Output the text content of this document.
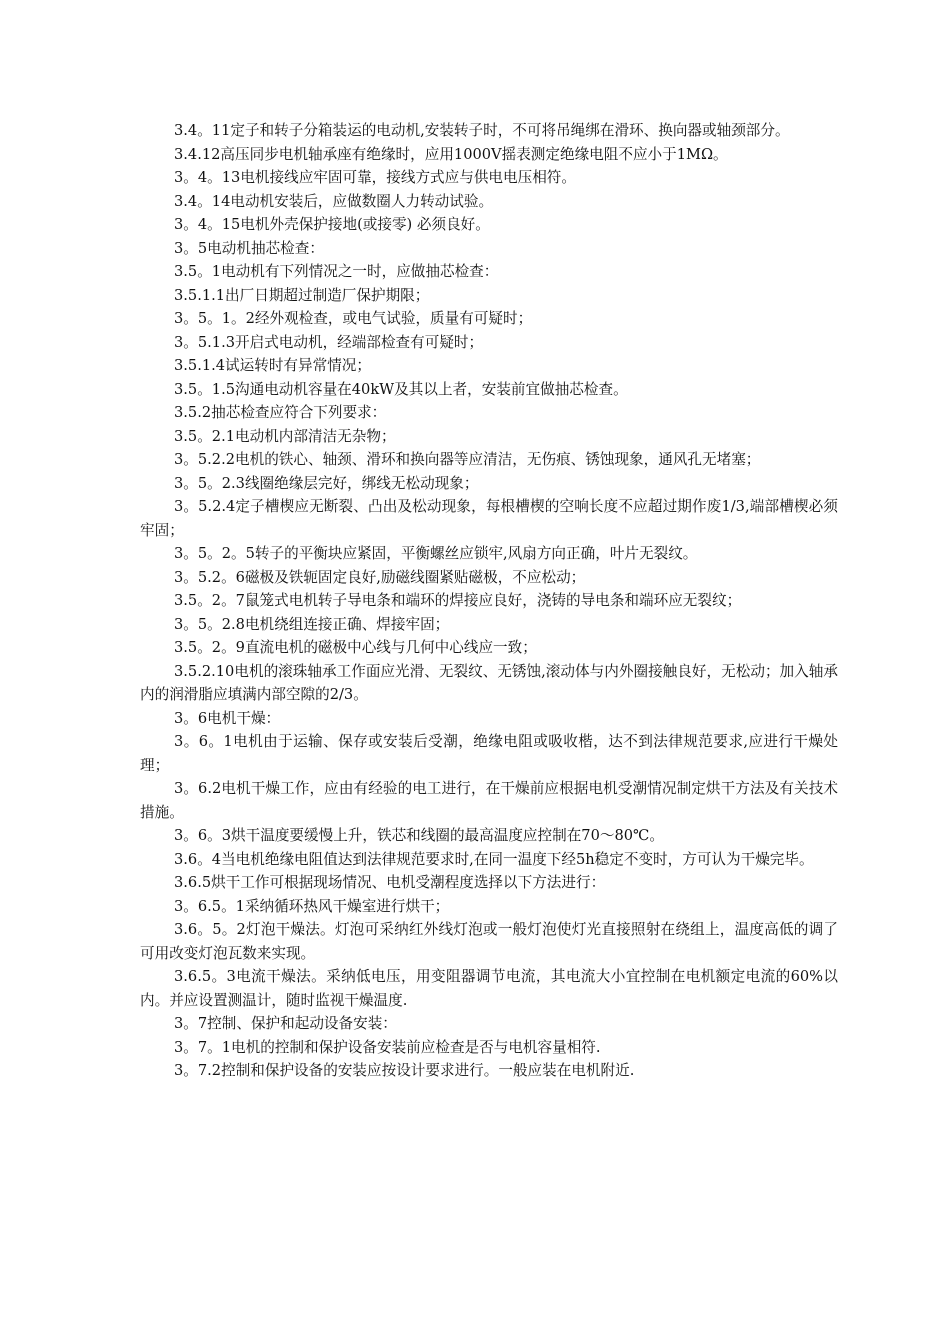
3.4。11定子和转子分箱装运的电动机,安装转子时，不可将吊绳绑在滑环、换向器或轴颈部分。

3.4.12高压同步电机轴承座有绝缘时，应用1000V摇表测定绝缘电阻不应小于1MΩ。

3。4。13电机接线应牢固可靠，接线方式应与供电电压相符。

3.4。14电动机安装后，应做数圈人力转动试验。

3。4。15电机外壳保护接地(或接零) 必须良好。

3。5电动机抽芯检查：

3.5。1电动机有下列情况之一时，应做抽芯检查：

3.5.1.1出厂日期超过制造厂保护期限；

3。5。1。2经外观检查，或电气试验，质量有可疑时；

3。5.1.3开启式电动机，经端部检查有可疑时；

3.5.1.4试运转时有异常情况；

3.5。1.5沟通电动机容量在40kW及其以上者，安装前宜做抽芯检查。

3.5.2抽芯检查应符合下列要求：

3.5。2.1电动机内部清洁无杂物；

3。5.2.2电机的铁心、轴颈、滑环和换向器等应清洁，无伤痕、锈蚀现象，通风孔无堵塞；

3。5。2.3线圈绝缘层完好，绑线无松动现象；

3。5.2.4定子槽楔应无断裂、凸出及松动现象，每根槽楔的空响长度不应超过期作废1/3,端部槽楔必须牢固；

3。5。2。5转子的平衡块应紧固，平衡螺丝应锁牢,风扇方向正确，叶片无裂纹。

3。5.2。6磁极及铁轭固定良好,励磁线圈紧贴磁极，不应松动；

3.5。2。7鼠笼式电机转子导电条和端环的焊接应良好，浇铸的导电条和端环应无裂纹；

3。5。2.8电机绕组连接正确、焊接牢固；

3.5。2。9直流电机的磁极中心线与几何中心线应一致；

3.5.2.10电机的滚珠轴承工作面应光滑、无裂纹、无锈蚀,滚动体与内外圈接触良好，无松动；加入轴承内的润滑脂应填满内部空隙的2/3。

3。6电机干燥：

3。6。1电机由于运输、保存或安装后受潮，绝缘电阻或吸收楷，达不到法律规范要求,应进行干燥处理；

3。6.2电机干燥工作，应由有经验的电工进行，在干燥前应根据电机受潮情况制定烘干方法及有关技术措施。

3。6。3烘干温度要缓慢上升，铁芯和线圈的最高温度应控制在70～80℃。

3.6。4当电机绝缘电阻值达到法律规范要求时,在同一温度下经5h稳定不变时，方可认为干燥完毕。

3.6.5烘干工作可根据现场情况、电机受潮程度选择以下方法进行：

3。6.5。1采纳循环热风干燥室进行烘干；

3.6。5。2灯泡干燥法。灯泡可采纳红外线灯泡或一般灯泡使灯光直接照射在绕组上，温度高低的调了可用改变灯泡瓦数来实现。

3.6.5。3电流干燥法。采纳低电压，用变阻器调节电流，其电流大小宜控制在电机额定电流的60%以内。并应设置测温计，随时监视干燥温度.

3。7控制、保护和起动设备安装：

3。7。1电机的控制和保护设备安装前应检查是否与电机容量相符.

3。7.2控制和保护设备的安装应按设计要求进行。一般应装在电机附近.
